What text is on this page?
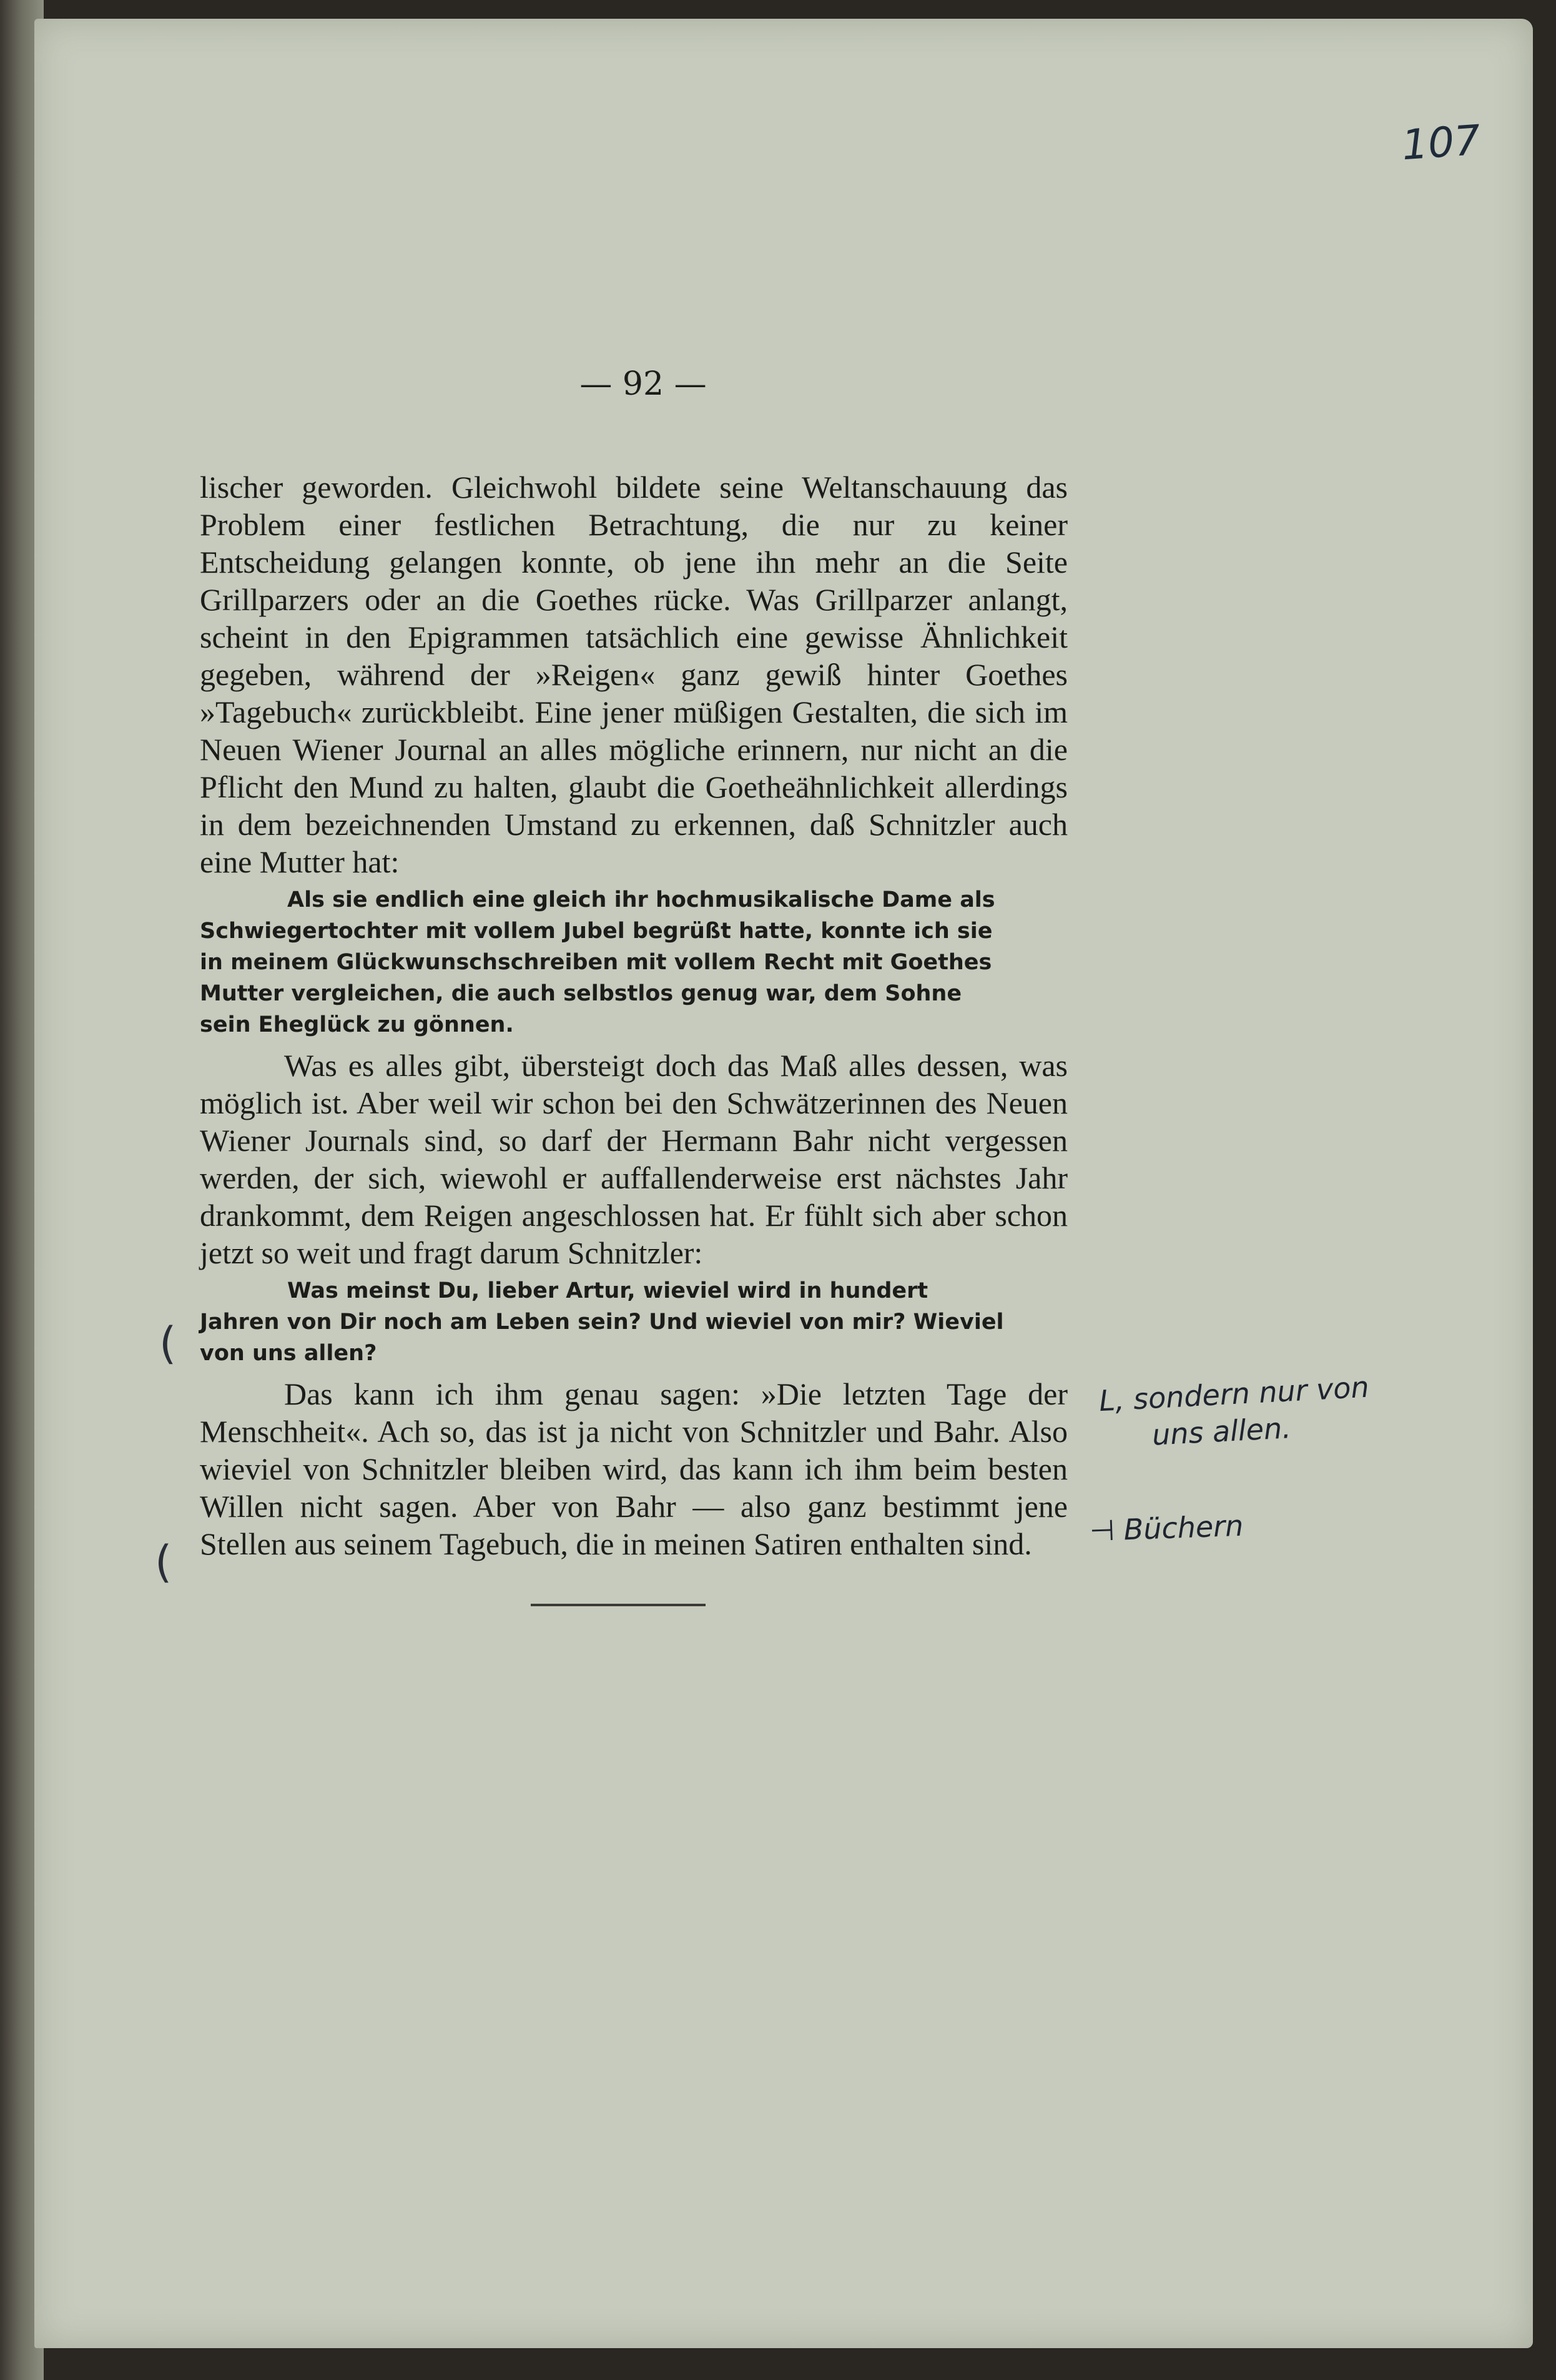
107
— 92 —

lischer geworden. Gleichwohl bildete seine Weltanschauung das Problem einer festlichen Betrachtung, die nur zu keiner Entscheidung gelangen konnte, ob jene ihn mehr an die Seite Grillparzers oder an die Goethes rücke. Was Grillparzer anlangt, scheint in den Epigrammen tatsächlich eine gewisse Ähnlichkeit gegeben, während der »Reigen« ganz gewiß hinter Goethes »Tagebuch« zurückbleibt. Eine jener müßigen Gestalten, die sich im Neuen Wiener Journal an alles mögliche erinnern, nur nicht an die Pflicht den Mund zu halten, glaubt die Goetheähnlichkeit allerdings in dem bezeichnenden Umstand zu erkennen, daß Schnitzler auch eine Mutter hat:

Als sie endlich eine gleich ihr hochmusikalische Dame als
Schwiegertochter mit vollem Jubel begrüßt hatte, konnte ich sie
in meinem Glückwunschschreiben mit vollem Recht mit Goethes
Mutter vergleichen, die auch selbstlos genug war, dem Sohne
sein Eheglück zu gönnen.

Was es alles gibt, übersteigt doch das Maß alles dessen, was möglich ist. Aber weil wir schon bei den Schwätzerinnen des Neuen Wiener Journals sind, so darf der Hermann Bahr nicht vergessen werden, der sich, wiewohl er auffallenderweise erst nächstes Jahr drankommt, dem Reigen angeschlossen hat. Er fühlt sich aber schon jetzt so weit und fragt darum Schnitzler:

Was meinst Du, lieber Artur, wieviel wird in hundert
Jahren von Dir noch am Leben sein? Und wieviel von mir? Wieviel
von uns allen?

Das kann ich ihm genau sagen: »Die letzten Tage der Menschheit«. Ach so, das ist ja nicht von Schnitzler und Bahr. Also wieviel von Schnitzler bleiben wird, das kann ich ihm beim besten Willen nicht sagen. Aber von Bahr — also ganz bestimmt jene Stellen aus seinem Tagebuch, die in meinen Satiren enthalten sind.

L, sondern nur von
uns allen.
⊣ Büchern
(
(
